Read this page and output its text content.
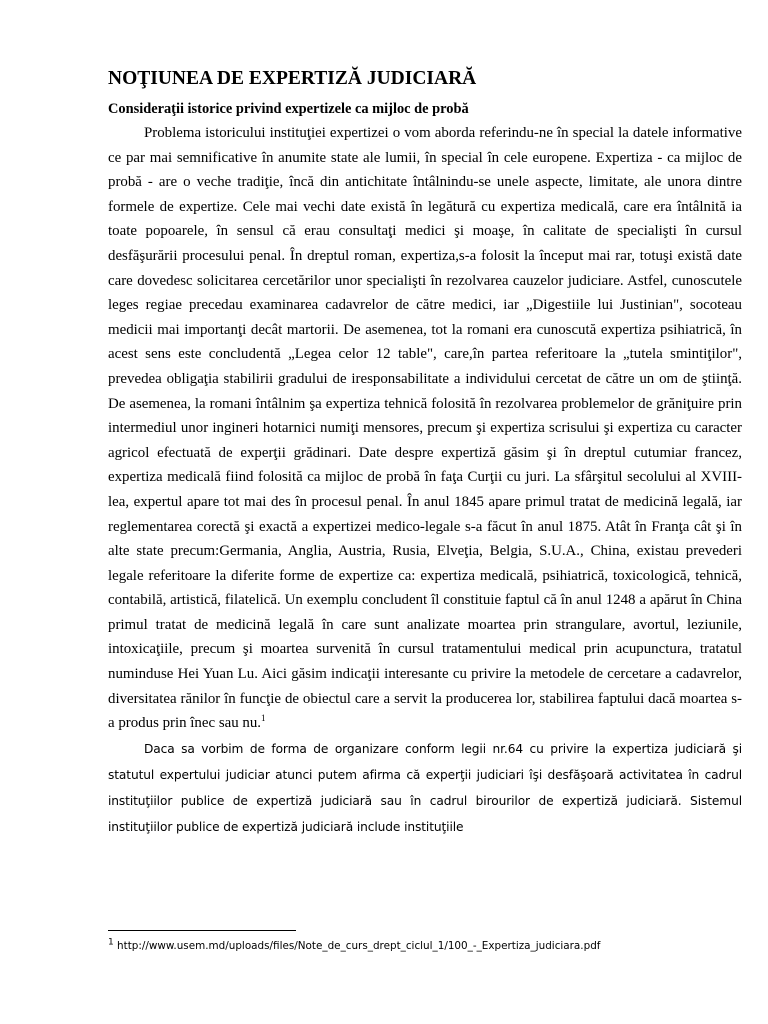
NOŢIUNEA DE EXPERTIZĂ JUDICIARĂ
Consideraţii istorice privind expertizele ca mijloc de probă

Problema istoricului instituţiei expertizei o vom aborda referindu-ne în special la datele informative ce par mai semnificative în anumite state ale lumii, în special în cele europene. Expertiza - ca mijloc de probă - are o veche tradiţie, încă din antichitate întâlnindu-se unele aspecte, limitate, ale unora dintre formele de expertize. Cele mai vechi date există în legătură cu expertiza medicală, care era întâlnită ia toate popoarele, în sensul că erau consultaţi medici şi moaşe, în calitate de specialişti în cursul desfăşurării procesului penal. În dreptul roman, expertiza,s-a folosit la început mai rar, totuşi există date care dovedesc solicitarea cercetărilor unor specialişti în rezolvarea cauzelor judiciare. Astfel, cunoscutele leges regiae precedau examinarea cadavrelor de către medici, iar „Digestiile lui Justinian", socoteau medicii mai importanţi decât martorii. De asemenea, tot la romani era cunoscută expertiza psihiatrică, în acest sens este concludentă „Legea celor 12 table", care,în partea referitoare la „tutela smintiţilor", prevedea obligaţia stabilirii gradului de iresponsabilitate a individului cercetat de către un om de ştiinţă. De asemenea, la romani întâlnim şa expertiza tehnică folosită în rezolvarea problemelor de grăniţuire prin intermediul unor ingineri hotarnici numiţi mensores, precum şi expertiza scrisului şi expertiza cu caracter agricol efectuată de experţii grădinari. Date despre expertiză găsim şi în dreptul cutumiar francez, expertiza medicală fiind folosită ca mijloc de probă în faţa Curţii cu juri. La sfârşitul secolului al XVIII-lea, expertul apare tot mai des în procesul penal. În anul 1845 apare primul tratat de medicină legală, iar reglementarea corectă şi exactă a expertizei medico-legale s-a făcut în anul 1875. Atât în Franţa cât şi în alte state precum:Germania, Anglia, Austria, Rusia, Elveţia, Belgia, S.U.A., China, existau prevederi legale referitoare la diferite forme de expertize ca: expertiza medicală, psihiatrică, toxicologică, tehnică, contabilă, artistică, filatelică. Un exemplu concludent îl constituie faptul că în anul 1248 a apărut în China primul tratat de medicină legală în care sunt analizate moartea prin strangulare, avortul, leziunile, intoxicaţiile, precum şi moartea survenită în cursul tratamentului medical prin acupunctura, tratatul numinduse Hei Yuan Lu. Aici găsim indicaţii interesante cu privire la metodele de cercetare a cadavrelor, diversitatea rănilor în funcţie de obiectul care a servit la producerea lor, stabilirea faptului dacă moartea s-a produs prin înec sau nu.$^1$

Daca sa vorbim de forma de organizare conform legii nr.64 cu privire la expertiza judiciară şi statutul expertului judiciar atunci putem afirma că experţii judiciari îşi desfăşoară activitatea în cadrul instituţiilor publice de expertiză judiciară sau în cadrul birourilor de expertiză judiciară. Sistemul instituţiilor publice de expertiză judiciară include instituţiile

$^1$ http://www.usem.md/uploads/files/Note_de_curs_drept_ciclul_1/100_-_Expertiza_judiciara.pdf
